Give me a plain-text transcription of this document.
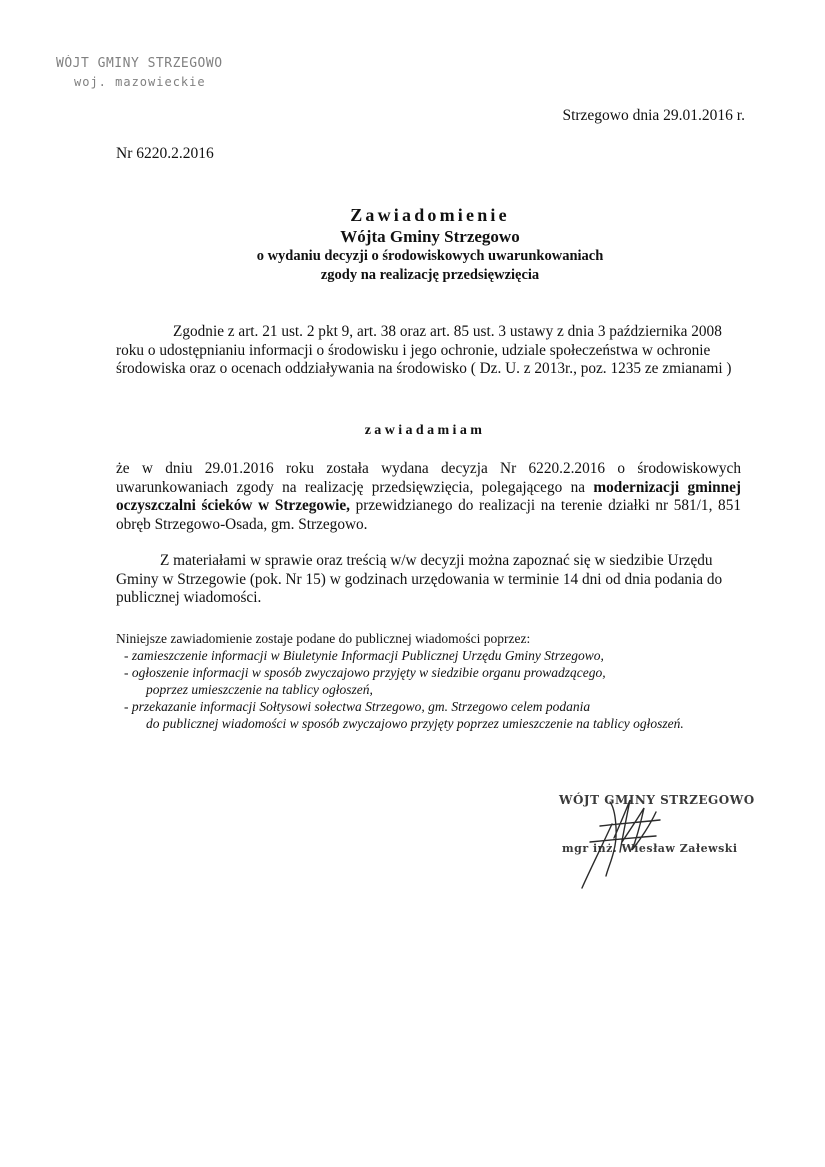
WÓJT GMINY STRZEGOWO
woj. mazowieckie
Strzegowo dnia 29.01.2016 r.
Nr 6220.2.2016
Zawiadomienie
Wójta Gminy Strzegowo
o wydaniu decyzji o środowiskowych uwarunkowaniach
zgody na realizację przedsięwzięcia
Zgodnie z art. 21 ust. 2 pkt 9, art. 38 oraz art. 85 ust. 3 ustawy z dnia 3 października 2008 roku o udostępnianiu informacji o środowisku i jego ochronie, udziale społeczeństwa w ochronie środowiska oraz o ocenach oddziaływania na środowisko ( Dz. U. z 2013r., poz. 1235 ze zmianami )
zawiadamiam
że w dniu 29.01.2016 roku została wydana decyzja Nr 6220.2.2016 o środowiskowych uwarunkowaniach zgody na realizację przedsięwzięcia, polegającego na modernizacji gminnej oczyszczalni ścieków w Strzegowie, przewidzianego do realizacji na terenie działki nr 581/1, 851 obręb Strzegowo-Osada, gm. Strzegowo.
Z materiałami w sprawie oraz treścią w/w decyzji można zapoznać się w siedzibie Urzędu Gminy w Strzegowie (pok. Nr 15) w godzinach urzędowania w terminie 14 dni od dnia podania do publicznej wiadomości.
Niniejsze zawiadomienie zostaje podane do publicznej wiadomości poprzez:
- zamieszczenie informacji w Biuletynie Informacji Publicznej Urzędu Gminy Strzegowo,
- ogłoszenie informacji w sposób zwyczajowo przyjęty w siedzibie organu prowadzącego,
poprzez umieszczenie na tablicy ogłoszeń,
- przekazanie informacji Sołtysowi sołectwa Strzegowo, gm. Strzegowo celem podania
do publicznej wiadomości w sposób zwyczajowo przyjęty poprzez umieszczenie na tablicy ogłoszeń.
WÓJT GMINY STRZEGOWO
mgr inż. Wiesław Załewski
